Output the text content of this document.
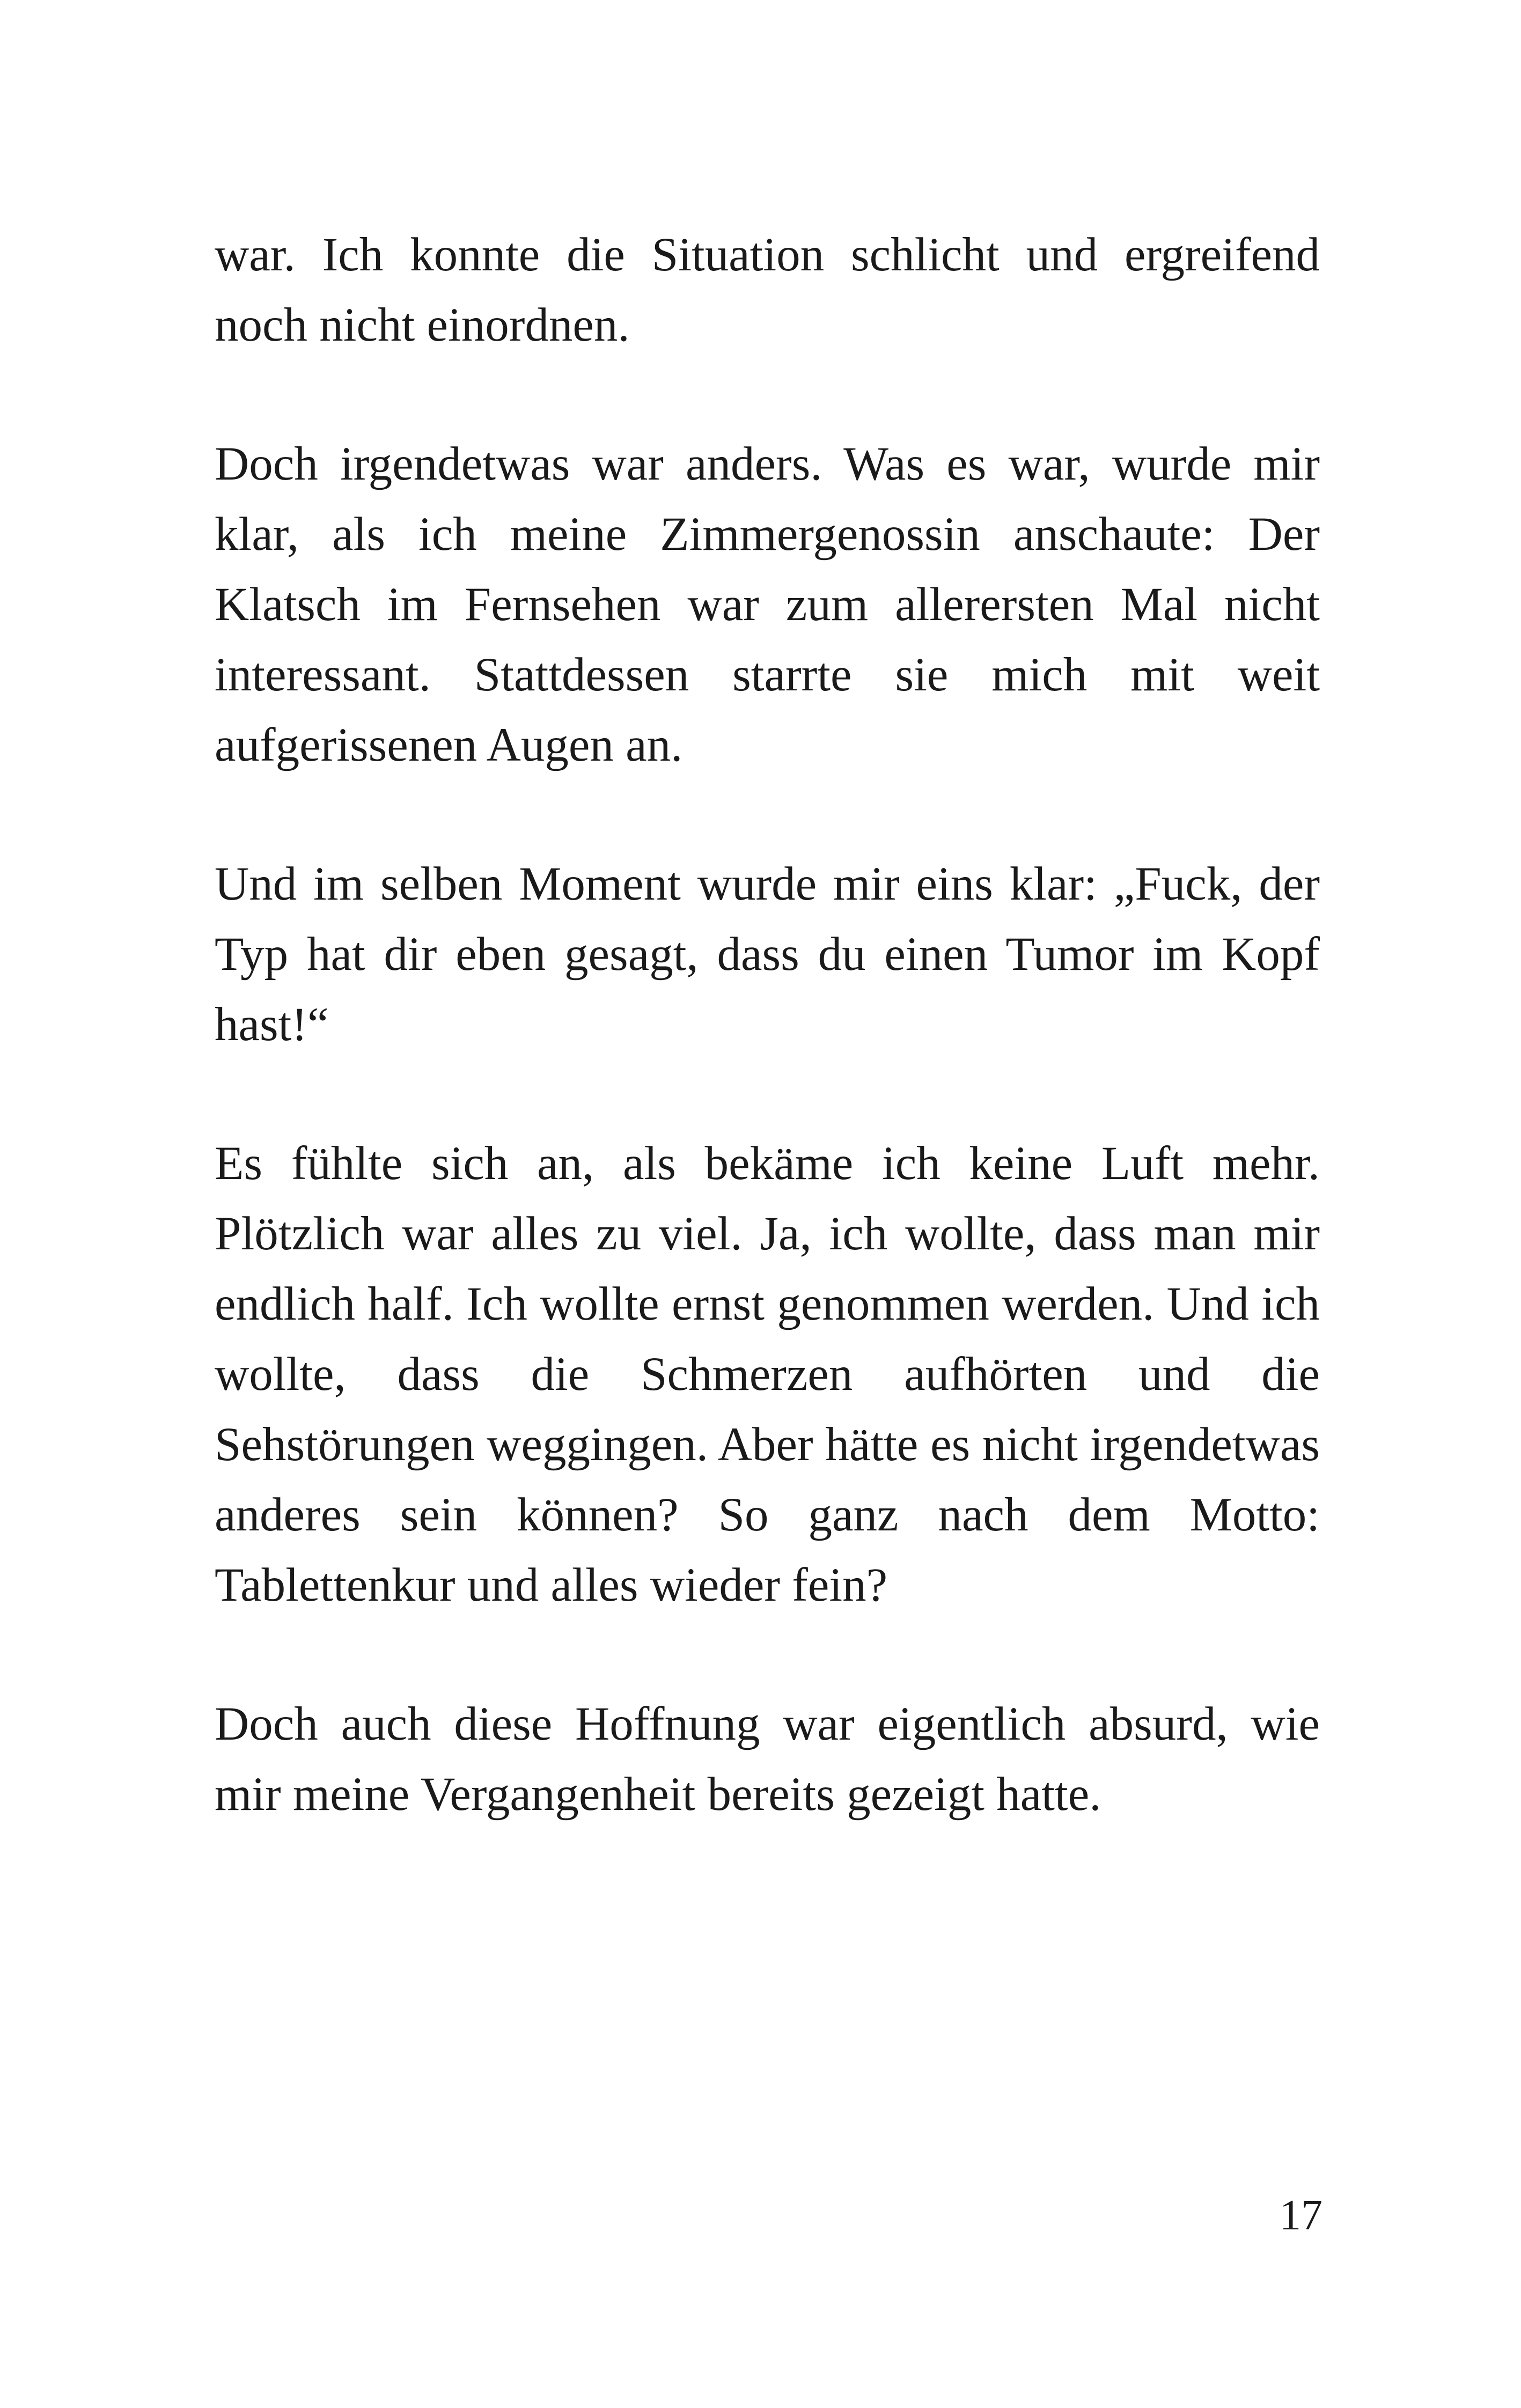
war. Ich konnte die Situation schlicht und ergreifend noch nicht einordnen.

Doch irgendetwas war anders. Was es war, wurde mir klar, als ich meine Zimmergenossin anschaute: Der Klatsch im Fernsehen war zum allerersten Mal nicht interessant. Stattdessen starrte sie mich mit weit aufgerissenen Augen an.

Und im selben Moment wurde mir eins klar: „Fuck, der Typ hat dir eben gesagt, dass du einen Tumor im Kopf hast!“

Es fühlte sich an, als bekäme ich keine Luft mehr. Plötzlich war alles zu viel. Ja, ich wollte, dass man mir endlich half. Ich wollte ernst genommen werden. Und ich wollte, dass die Schmerzen aufhörten und die Sehstörungen weggingen. Aber hätte es nicht irgendetwas anderes sein können? So ganz nach dem Motto: Tablettenkur und alles wieder fein?

Doch auch diese Hoffnung war eigentlich absurd, wie mir meine Vergangenheit bereits gezeigt hatte.

17
